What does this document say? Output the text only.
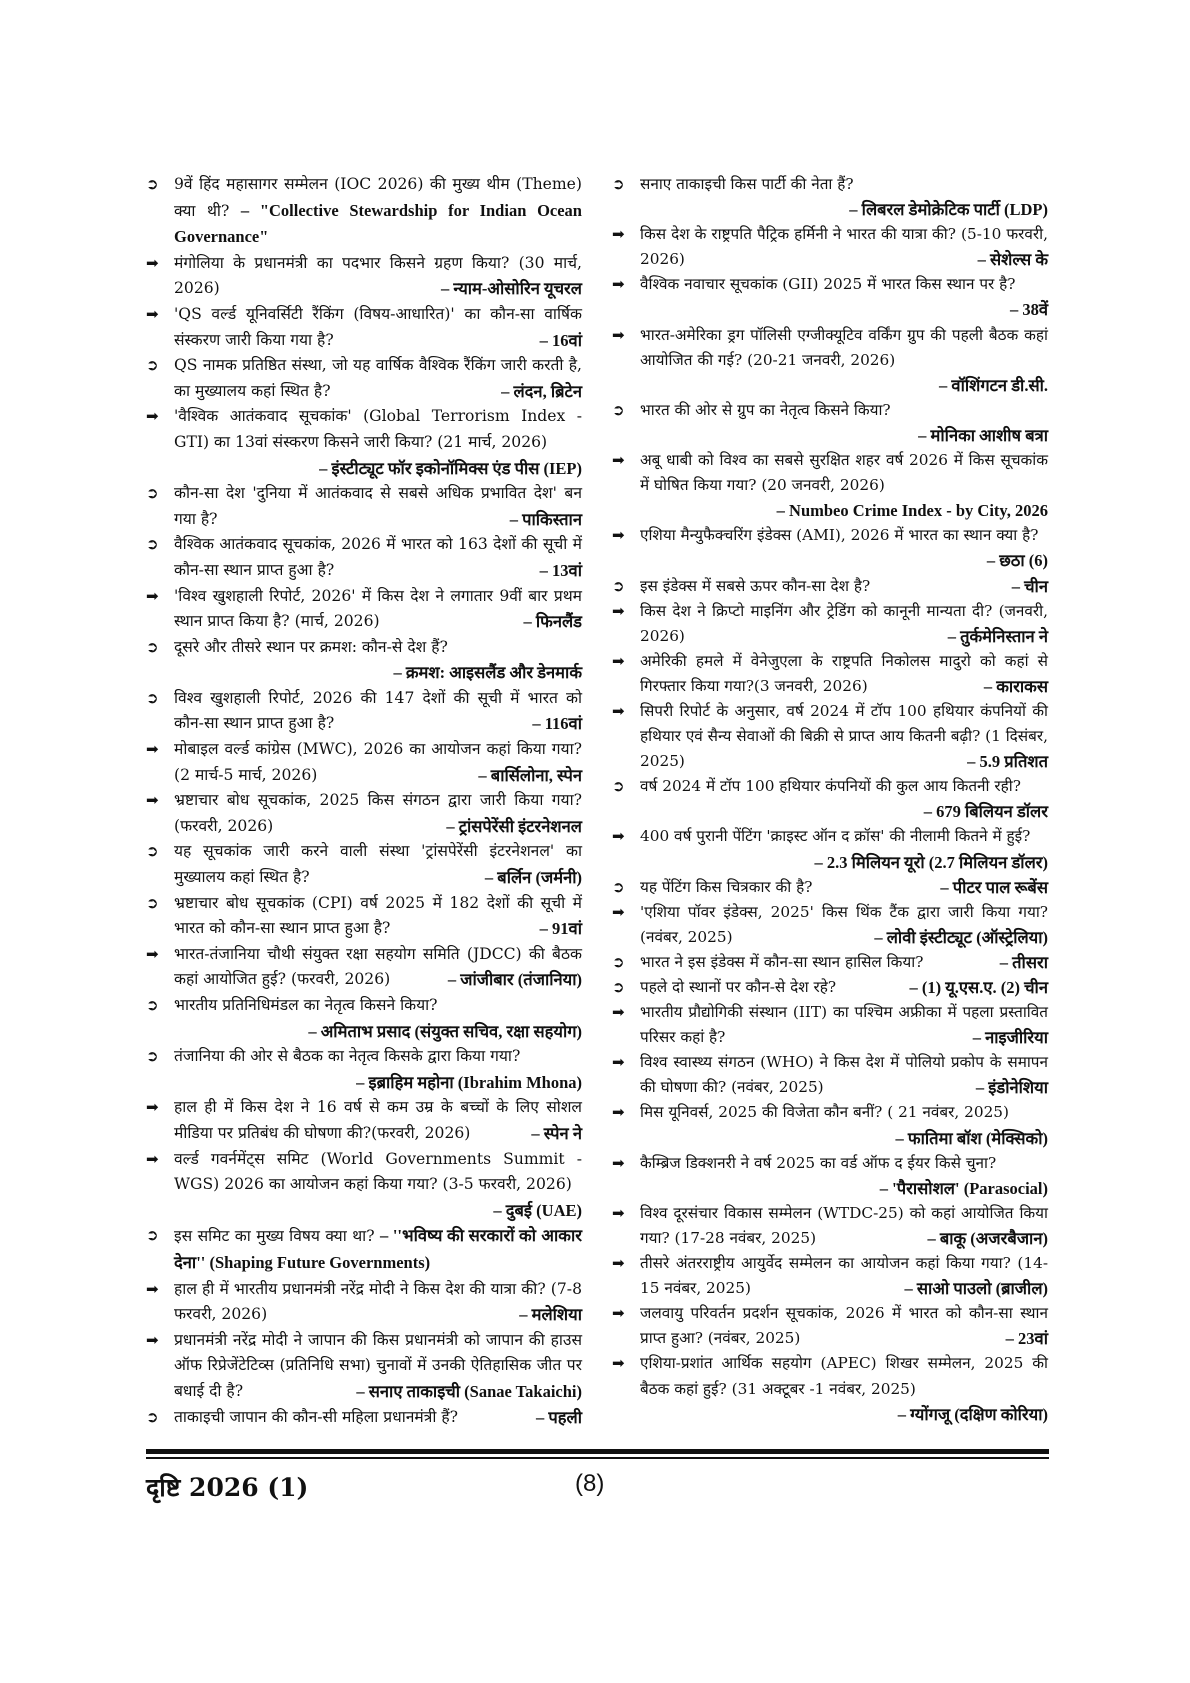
➲ 9वें हिंद महासागर सम्मेलन (IOC 2026) की मुख्य थीम (Theme) क्या थी? – "Collective Stewardship for Indian Ocean Governance"
➡ मंगोलिया के प्रधानमंत्री का पदभार किसने ग्रहण किया? (30 मार्च, 2026)	– न्याम-ओसोरिन यूचरल
➡ 'QS वर्ल्ड यूनिवर्सिटी रैंकिंग (विषय-आधारित)' का कौन-सा वार्षिक संस्करण जारी किया गया है?	– 16वां
➲ QS नामक प्रतिष्ठित संस्था, जो यह वार्षिक वैश्विक रैंकिंग जारी करती है, का मुख्यालय कहां स्थित है?	– लंदन, ब्रिटेन
➡ 'वैश्विक आतंकवाद सूचकांक' (Global Terrorism Index - GTI) का 13वां संस्करण किसने जारी किया? (21 मार्च, 2026)
– इंस्टीट्यूट फॉर इकोनॉमिक्स एंड पीस (IEP)
➲ कौन-सा देश 'दुनिया में आतंकवाद से सबसे अधिक प्रभावित देश' बन गया है?	– पाकिस्तान
➲ वैश्विक आतंकवाद सूचकांक, 2026 में भारत को 163 देशों की सूची में कौन-सा स्थान प्राप्त हुआ है?	– 13वां
➡ 'विश्व खुशहाली रिपोर्ट, 2026' में किस देश ने लगातार 9वीं बार प्रथम स्थान प्राप्त किया है? (मार्च, 2026)	– फिनलैंड
➲ दूसरे और तीसरे स्थान पर क्रमश: कौन-से देश हैं?
– क्रमश: आइसलैंड और डेनमार्क
➲ विश्व खुशहाली रिपोर्ट, 2026 की 147 देशों की सूची में भारत को कौन-सा स्थान प्राप्त हुआ है?	– 116वां
➡ मोबाइल वर्ल्ड कांग्रेस (MWC), 2026 का आयोजन कहां किया गया? (2 मार्च-5 मार्च, 2026)	– बार्सिलोना, स्पेन
➡ भ्रष्टाचार बोध सूचकांक, 2025 किस संगठन द्वारा जारी किया गया? (फरवरी, 2026)	– ट्रांसपेरेंसी इंटरनेशनल
➲ यह सूचकांक जारी करने वाली संस्था 'ट्रांसपेरेंसी इंटरनेशनल' का मुख्यालय कहां स्थित है?	– बर्लिन (जर्मनी)
➲ भ्रष्टाचार बोध सूचकांक (CPI) वर्ष 2025 में 182 देशों की सूची में भारत को कौन-सा स्थान प्राप्त हुआ है?	– 91वां
➡ भारत-तंजानिया चौथी संयुक्त रक्षा सहयोग समिति (JDCC) की बैठक कहां आयोजित हुई? (फरवरी, 2026)	– जांजीबार (तंजानिया)
➲ भारतीय प्रतिनिधिमंडल का नेतृत्व किसने किया?
– अमिताभ प्रसाद (संयुक्त सचिव, रक्षा सहयोग)
➲ तंजानिया की ओर से बैठक का नेतृत्व किसके द्वारा किया गया?
– इब्राहिम महोना (Ibrahim Mhona)
➡ हाल ही में किस देश ने 16 वर्ष से कम उम्र के बच्चों के लिए सोशल मीडिया पर प्रतिबंध की घोषणा की?(फरवरी, 2026)	– स्पेन ने
➡ वर्ल्ड गवर्नमेंट्स समिट (World Governments Summit - WGS) 2026 का आयोजन कहां किया गया? (3-5 फरवरी, 2026)
– दुबई (UAE)
➲ इस समिट का मुख्य विषय क्या था? – ''भविष्य की सरकारों को आकार देना'' (Shaping Future Governments)
➡ हाल ही में भारतीय प्रधानमंत्री नरेंद्र मोदी ने किस देश की यात्रा की? (7-8 फरवरी, 2026)	– मलेशिया
➡ प्रधानमंत्री नरेंद्र मोदी ने जापान की किस प्रधानमंत्री को जापान की हाउस ऑफ रिप्रेजेंटेटिव्स (प्रतिनिधि सभा) चुनावों में उनकी ऐतिहासिक जीत पर बधाई दी है?	– सनाए ताकाइची (Sanae Takaichi)
➲ ताकाइची जापान की कौन-सी महिला प्रधानमंत्री हैं?	– पहली
➲	सनाए ताकाइची किस पार्टी की नेता हैं?
– लिबरल डेमोक्रेटिक पार्टी (LDP)
➡	किस देश के राष्ट्रपति पैट्रिक हर्मिनी ने भारत की यात्रा की? (5-10 फरवरी, 2026)	– सेशेल्स के
➡	वैश्विक नवाचार सूचकांक (GII) 2025 में भारत किस स्थान पर है?
– 38वें
➡	भारत-अमेरिका ड्रग पॉलिसी एग्जीक्यूटिव वर्किंग ग्रुप की पहली बैठक कहां आयोजित की गई? (20-21 जनवरी, 2026)
– वॉशिंगटन डी.सी.
➲	भारत की ओर से ग्रुप का नेतृत्व किसने किया?
– मोनिका आशीष बत्रा
➡	अबू धाबी को विश्व का सबसे सुरक्षित शहर वर्ष 2026 में किस सूचकांक में घोषित किया गया? (20 जनवरी, 2026)
– Numbeo Crime Index - by City, 2026
➡	एशिया मैन्युफैक्चरिंग इंडेक्स (AMI), 2026 में भारत का स्थान क्या है?
– छठा (6)
➲	इस इंडेक्स में सबसे ऊपर कौन-सा देश है?	– चीन
➡	किस देश ने क्रिप्टो माइनिंग और ट्रेडिंग को कानूनी मान्यता दी? (जनवरी, 2026)	– तुर्कमेनिस्तान ने
➡	अमेरिकी हमले में वेनेजुएला के राष्ट्रपति निकोलस मादुरो को कहां से गिरफ्तार किया गया?(3 जनवरी, 2026)	– काराकस
➡	सिपरी रिपोर्ट के अनुसार, वर्ष 2024 में टॉप 100 हथियार कंपनियों की हथियार एवं सैन्य सेवाओं की बिक्री से प्राप्त आय कितनी बढ़ी? (1 दिसंबर, 2025)	– 5.9 प्रतिशत
➲	वर्ष 2024 में टॉप 100 हथियार कंपनियों की कुल आय कितनी रही?
– 679 बिलियन डॉलर
➡	400 वर्ष पुरानी पेंटिंग 'क्राइस्ट ऑन द क्रॉस' की नीलामी कितने में हुई?
– 2.3 मिलियन यूरो (2.7 मिलियन डॉलर)
➲	यह पेंटिंग किस चित्रकार की है?	– पीटर पाल रूबेंस
➡	'एशिया पॉवर इंडेक्स, 2025' किस थिंक टैंक द्वारा जारी किया गया?(नवंबर, 2025)	– लोवी इंस्टीट्यूट (ऑस्ट्रेलिया)
➲	भारत ने इस इंडेक्स में कौन-सा स्थान हासिल किया?	– तीसरा
➲	पहले दो स्थानों पर कौन-से देश रहे?	– (1) यू.एस.ए. (2) चीन
➡	भारतीय प्रौद्योगिकी संस्थान (IIT) का पश्चिम अफ्रीका में पहला प्रस्तावित परिसर कहां है?	– नाइजीरिया
➡	विश्व स्वास्थ्य संगठन (WHO) ने किस देश में पोलियो प्रकोप के समापन की घोषणा की? (नवंबर, 2025)	– इंडोनेशिया
➡	मिस यूनिवर्स, 2025 की विजेता कौन बनीं? ( 21 नवंबर, 2025)
– फातिमा बॉश (मेक्सिको)
➡	कैम्ब्रिज डिक्शनरी ने वर्ष 2025 का वर्ड ऑफ द ईयर किसे चुना?
– 'पैरासोशल' (Parasocial)
➡	विश्व दूरसंचार विकास सम्मेलन (WTDC-25) को कहां आयोजित किया गया? (17-28 नवंबर, 2025)	– बाकू (अजरबैजान)
➡	तीसरे अंतरराष्ट्रीय आयुर्वेद सम्मेलन का आयोजन कहां किया गया? (14-15 नवंबर, 2025)	– साओ पाउलो (ब्राजील)
➡	जलवायु परिवर्तन प्रदर्शन सूचकांक, 2026 में भारत को कौन-सा स्थान प्राप्त हुआ? (नवंबर, 2025)	– 23वां
➡	एशिया-प्रशांत आर्थिक सहयोग (APEC) शिखर सम्मेलन, 2025 की बैठक कहां हुई? (31 अक्टूबर -1 नवंबर, 2025)
– ग्योंगजू (दक्षिण कोरिया)
दृष्टि 2026 (1)	(8)
